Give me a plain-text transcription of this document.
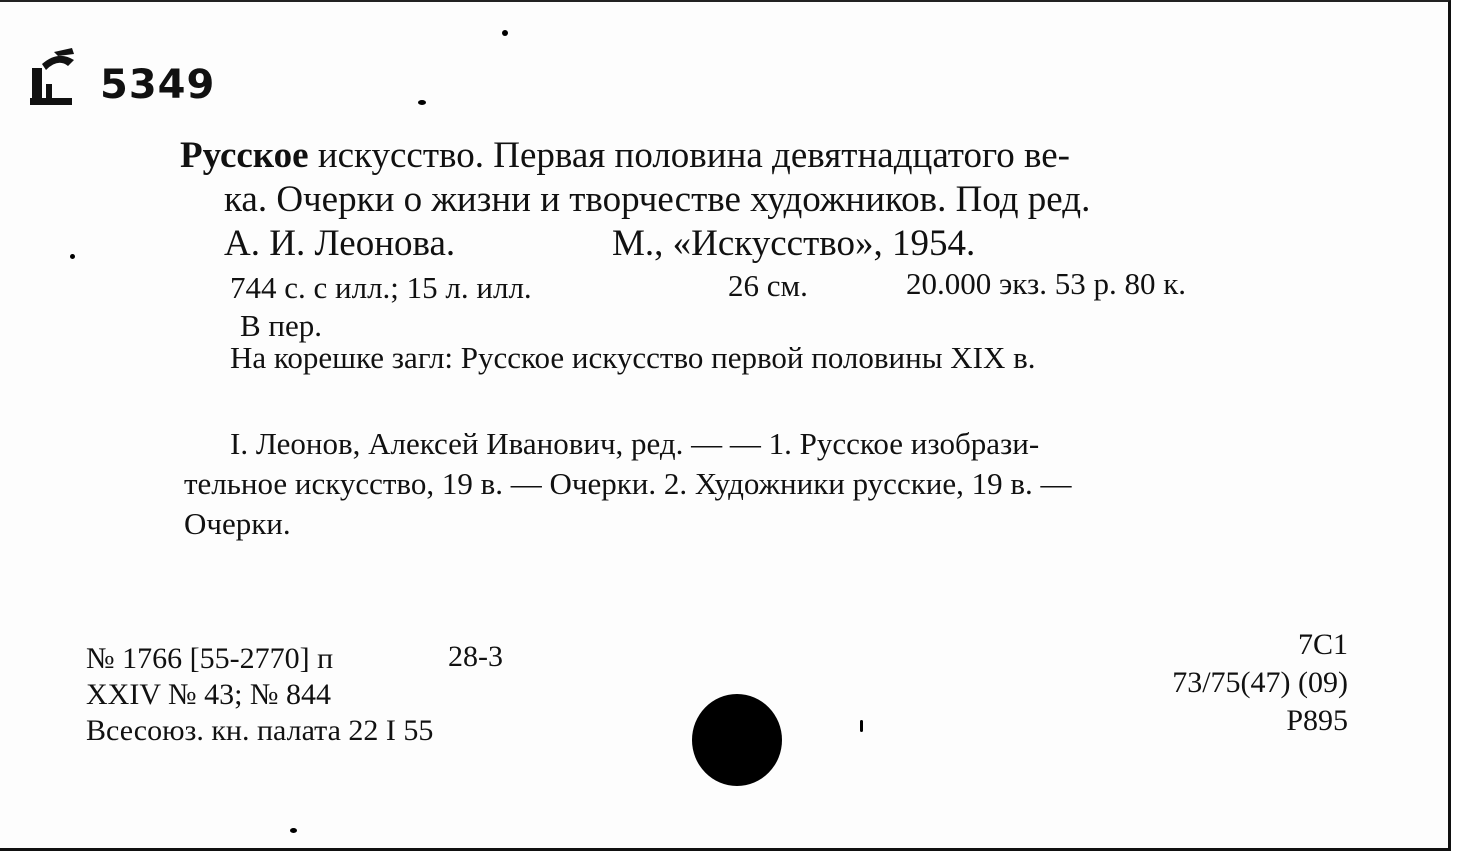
5349
Русское искусство. Первая половина девятнадцатого ве-
ка. Очерки о жизни и творчестве художников. Под ред.
А. И. Леонова.	М., «Искусство», 1954.
744 с. с илл.; 15 л. илл.	26 см.	20.000 экз. 53 р. 80 к.
В пер.
На корешке загл: Русское искусство первой половины XIX в.
I. Леонов, Алексей Иванович, ред. — — 1. Русское изобрази-
тельное искусство, 19 в. — Очерки. 2. Художники русские, 19 в. —
Очерки.
№ 1766 [55-2770] п	28-3
XXIV № 43; № 844
Всесоюз. кн. палата 22 I 55
7С1
73/75(47) (09)
Р895
